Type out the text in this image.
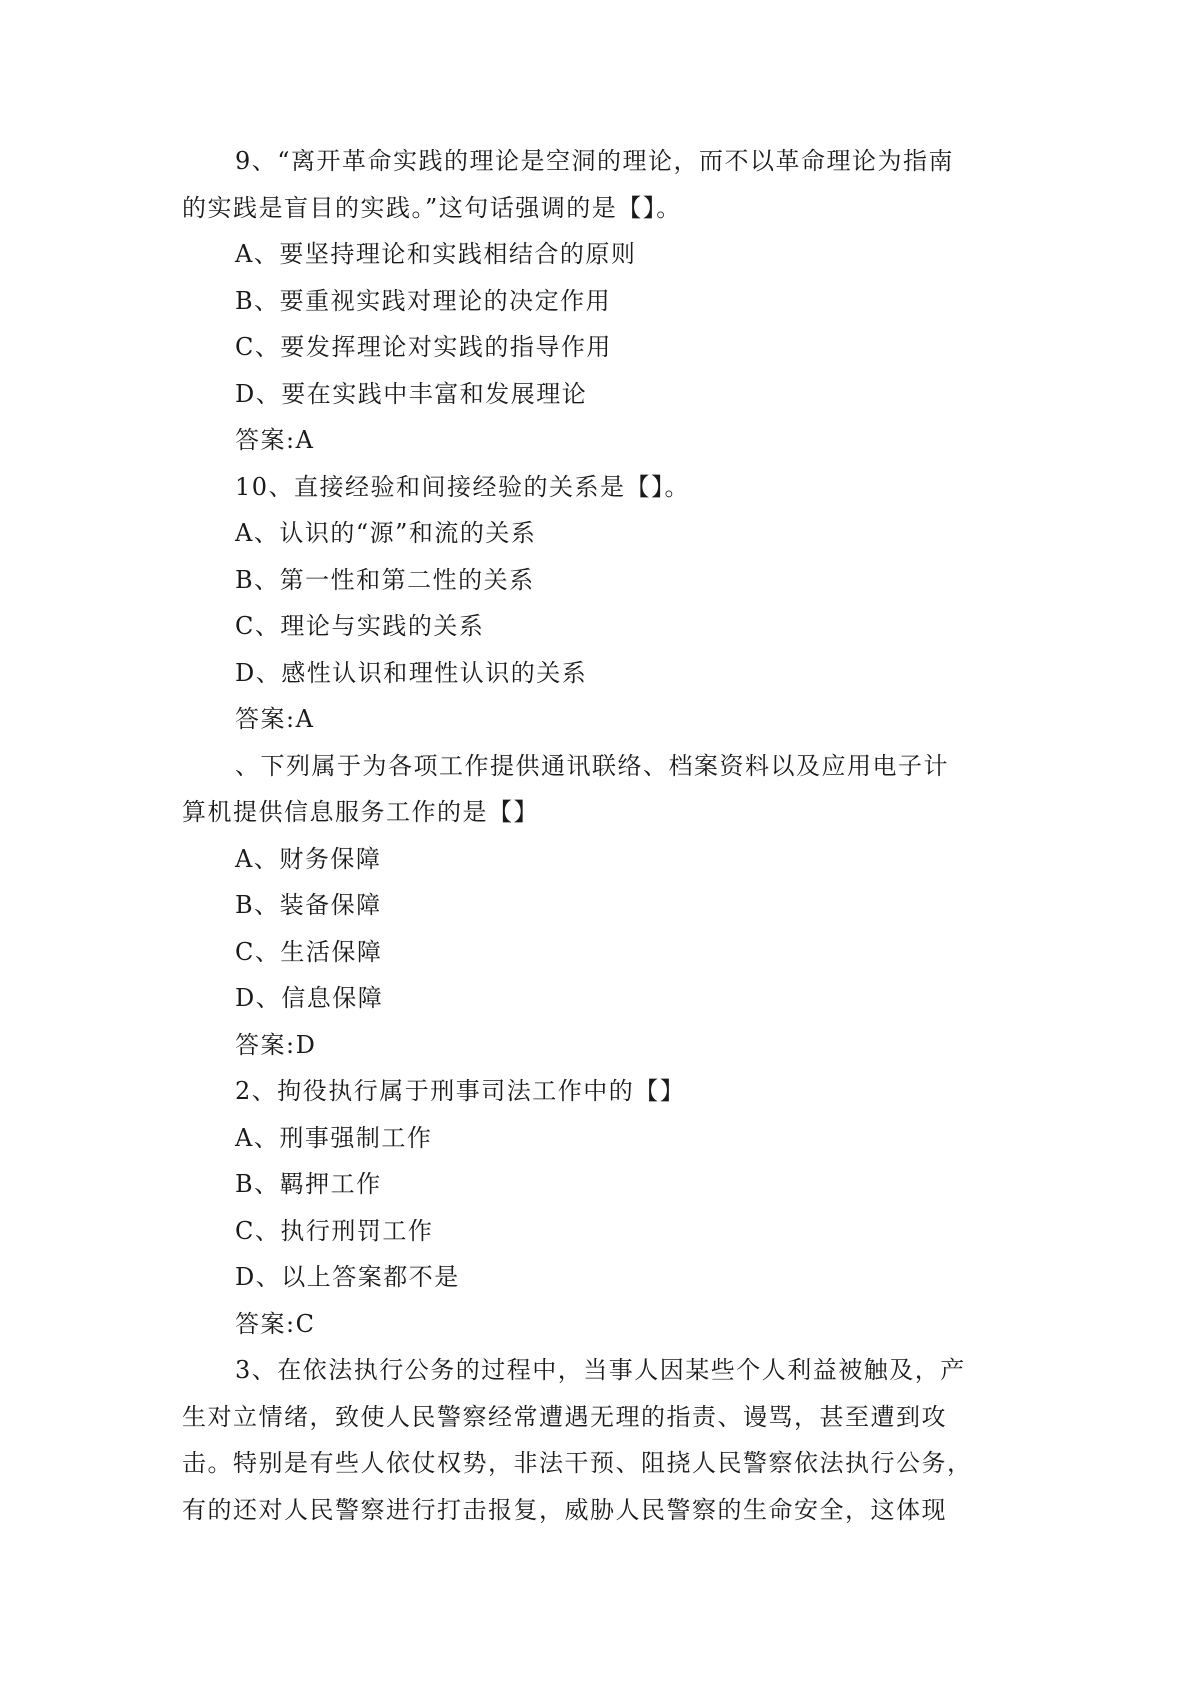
9、“离开革命实践的理论是空洞的理论，而不以革命理论为指南
的实践是盲目的实践。”这句话强调的是【】。
A、要坚持理论和实践相结合的原则
B、要重视实践对理论的决定作用
C、要发挥理论对实践的指导作用
D、要在实践中丰富和发展理论
答案:A
10、直接经验和间接经验的关系是【】。
A、认识的“源”和流的关系
B、第一性和第二性的关系
C、理论与实践的关系
D、感性认识和理性认识的关系
答案:A
、下列属于为各项工作提供通讯联络、档案资料以及应用电子计
算机提供信息服务工作的是【】
A、财务保障
B、装备保障
C、生活保障
D、信息保障
答案:D
2、拘役执行属于刑事司法工作中的【】
A、刑事强制工作
B、羁押工作
C、执行刑罚工作
D、以上答案都不是
答案:C
3、在依法执行公务的过程中，当事人因某些个人利益被触及，产
生对立情绪，致使人民警察经常遭遇无理的指责、谩骂，甚至遭到攻
击。特别是有些人依仗权势，非法干预、阻挠人民警察依法执行公务，
有的还对人民警察进行打击报复，威胁人民警察的生命安全，这体现
